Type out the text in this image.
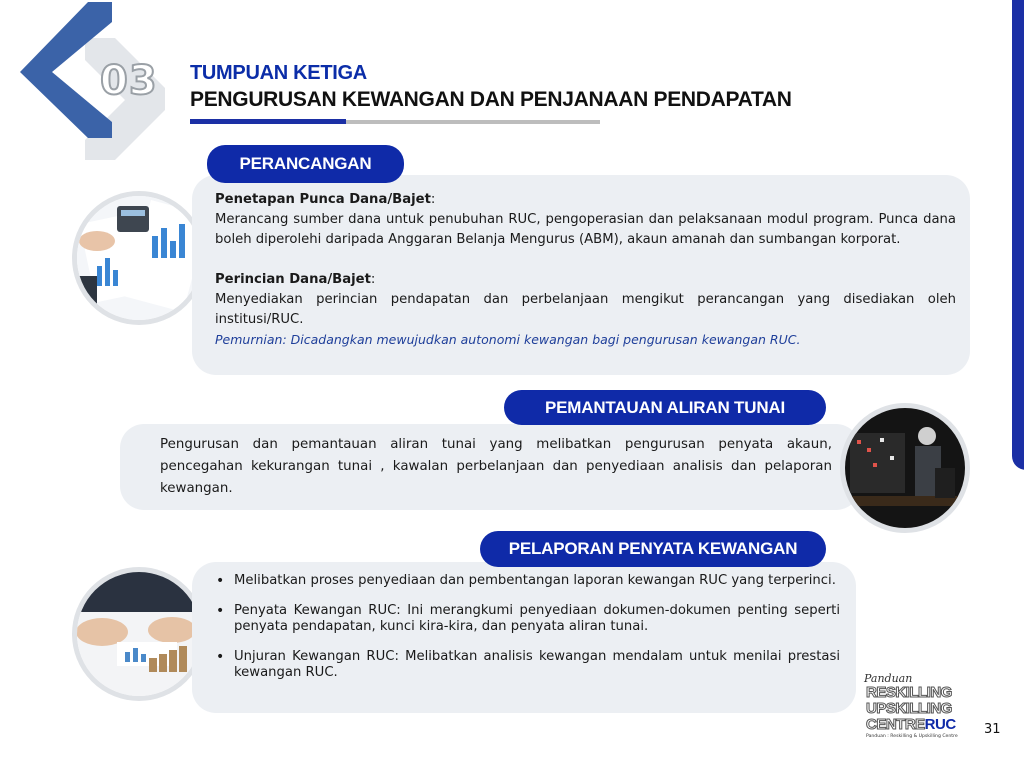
03 TUMPUAN KETIGA
PENGURUSAN KEWANGAN DAN PENJANAAN PENDAPATAN
PERANCANGAN
Penetapan Punca Dana/Bajet:
Merancang sumber dana untuk penubuhan RUC, pengoperasian dan pelaksanaan modul program. Punca dana boleh diperolehi daripada Anggaran Belanja Mengurus (ABM), akaun amanah dan sumbangan korporat.
Perincian Dana/Bajet:
Menyediakan perincian pendapatan dan perbelanjaan mengikut perancangan yang disediakan oleh institusi/RUC.
Pemurnian: Dicadangkan mewujudkan autonomi kewangan bagi pengurusan kewangan RUC.
PEMANTAUAN ALIRAN TUNAI
Pengurusan dan pemantauan aliran tunai yang melibatkan pengurusan penyata akaun, pencegahan kekurangan tunai , kawalan perbelanjaan dan penyediaan analisis dan pelaporan kewangan.
PELAPORAN PENYATA KEWANGAN
• Melibatkan proses penyediaan dan pembentangan laporan kewangan RUC yang terperinci.
• Penyata Kewangan RUC: Ini merangkumi penyediaan dokumen-dokumen penting seperti penyata pendapatan, kunci kira-kira, dan penyata aliran tunai.
• Unjuran Kewangan RUC: Melibatkan analisis kewangan mendalam untuk menilai prestasi kewangan RUC.	Panduan
RESKILLING
UPSKILLING
CENTRERUC
Panduan : Reskilling & Upskilling Centre 31
